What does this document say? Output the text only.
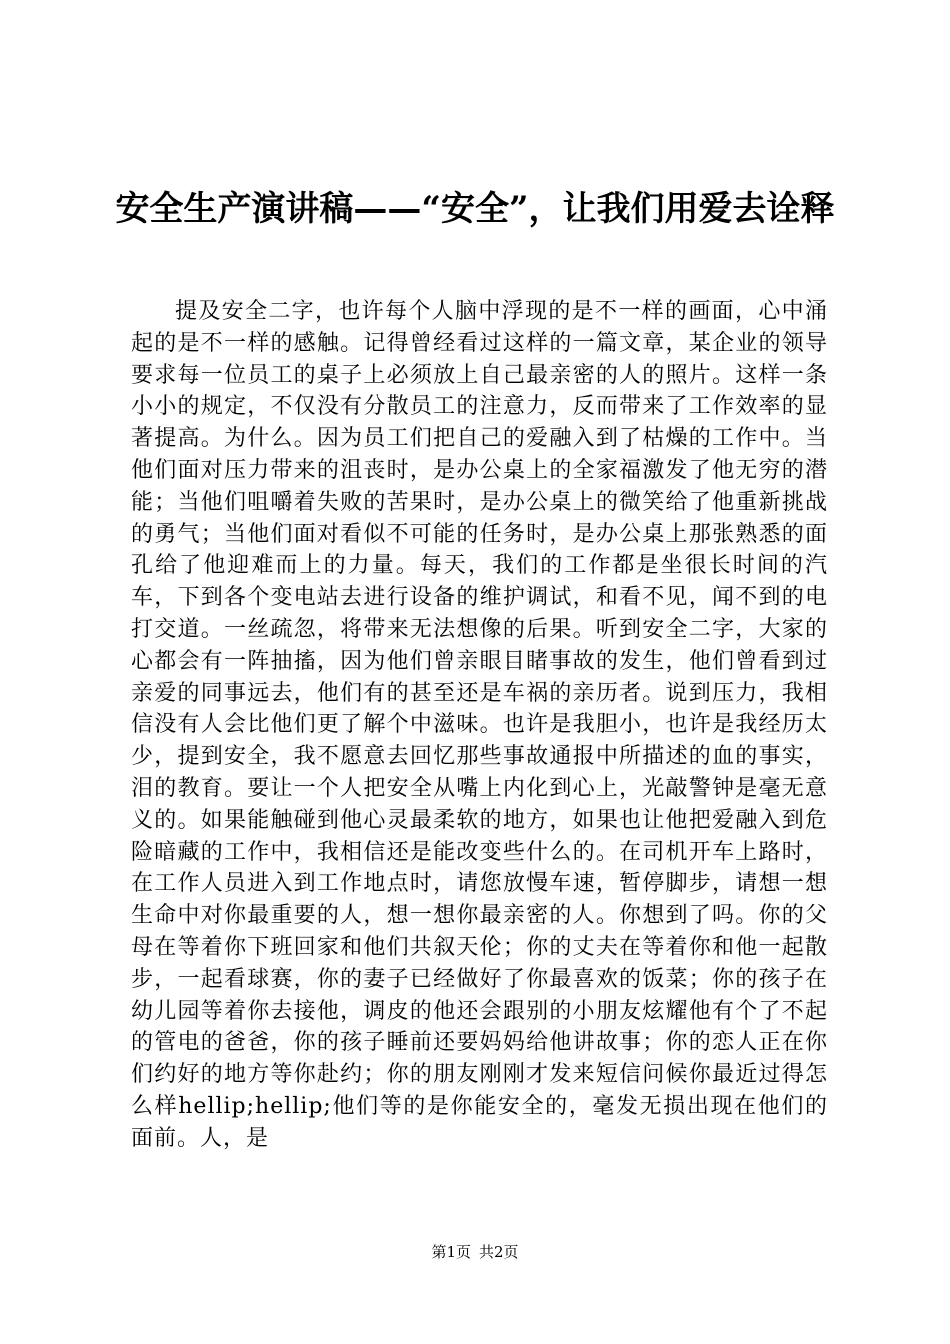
安全生产演讲稿——“安全”，让我们用爱去诠释

提及安全二字，也许每个人脑中浮现的是不一样的画面，心中涌起的是不一样的感触。记得曾经看过这样的一篇文章，某企业的领导要求每一位员工的桌子上必须放上自己最亲密的人的照片。这样一条小小的规定，不仅没有分散员工的注意力，反而带来了工作效率的显著提高。为什么。因为员工们把自己的爱融入到了枯燥的工作中。当他们面对压力带来的沮丧时，是办公桌上的全家福激发了他无穷的潜能；当他们咀嚼着失败的苦果时，是办公桌上的微笑给了他重新挑战的勇气；当他们面对看似不可能的任务时，是办公桌上那张熟悉的面孔给了他迎难而上的力量。每天，我们的工作都是坐很长时间的汽车，下到各个变电站去进行设备的维护调试，和看不见，闻不到的电打交道。一丝疏忽，将带来无法想像的后果。听到安全二字，大家的心都会有一阵抽搐，因为他们曾亲眼目睹事故的发生，他们曾看到过亲爱的同事远去，他们有的甚至还是车祸的亲历者。说到压力，我相信没有人会比他们更了解个中滋味。也许是我胆小，也许是我经历太少，提到安全，我不愿意去回忆那些事故通报中所描述的血的事实，泪的教育。要让一个人把安全从嘴上内化到心上，光敲警钟是毫无意义的。如果能触碰到他心灵最柔软的地方，如果也让他把爱融入到危险暗藏的工作中，我相信还是能改变些什么的。在司机开车上路时，在工作人员进入到工作地点时，请您放慢车速，暂停脚步，请想一想生命中对你最重要的人，想一想你最亲密的人。你想到了吗。你的父母在等着你下班回家和他们共叙天伦；你的丈夫在等着你和他一起散步，一起看球赛，你的妻子已经做好了你最喜欢的饭菜；你的孩子在幼儿园等着你去接他，调皮的他还会跟别的小朋友炫耀他有个了不起的管电的爸爸，你的孩子睡前还要妈妈给他讲故事；你的恋人正在你们约好的地方等你赴约；你的朋友刚刚才发来短信问候你最近过得怎么样hellip;hellip;他们等的是你能安全的，毫发无损出现在他们的面前。人，是

第1页 共2页
